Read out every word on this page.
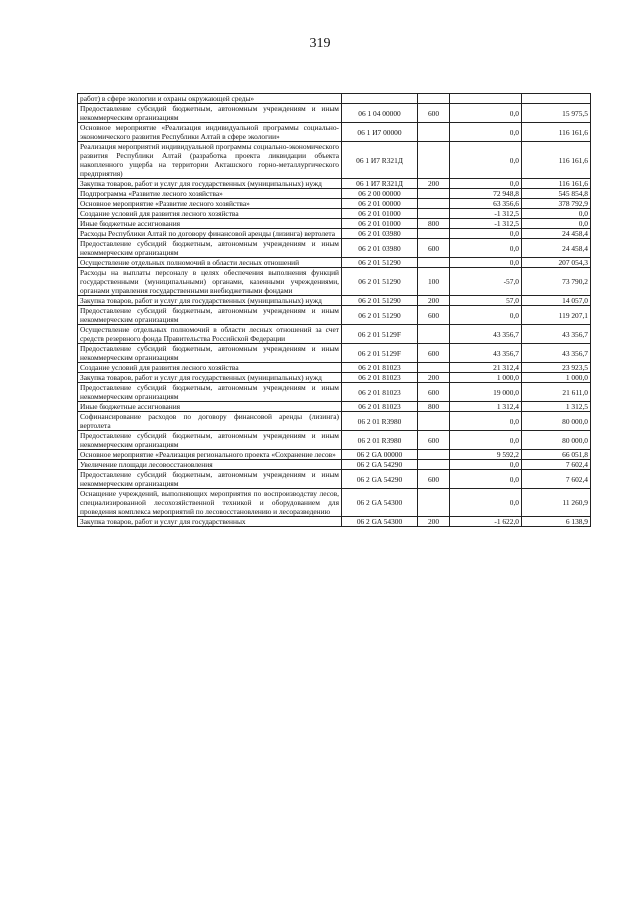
319
работ) в сфере экологии и охраны окружающей среды»				
Предоставление субсидий бюджетным, автономным учреждениям и иным некоммерческим организациям	06 1 04 00000	600	0,0	15 975,5
Основное мероприятие «Реализация индивидуальной программы социально-экономического развития Республики Алтай в сфере экологии»	06 1 И7 00000		0,0	116 161,6
Реализация мероприятий индивидуальной программы социально-экономического развития Республики Алтай (разработка проекта ликвидации объекта накопленного ущерба на территории Акташского горно-металлургического предприятия)	06 1 И7 R321Д		0,0	116 161,6
Закупка товаров, работ и услуг для государственных (муниципальных) нужд	06 1 И7 R321Д	200	0,0	116 161,6
Подпрограмма «Развитие лесного хозяйства»	06 2 00 00000		72 948,8	545 854,8
Основное мероприятие «Развитие лесного хозяйства»	06 2 01 00000		63 356,6	378 792,9
Создание условий для развития лесного хозяйства	06 2 01 01000		-1 312,5	0,0
Иные бюджетные ассигнования	06 2 01 01000	800	-1 312,5	0,0
Расходы Республики Алтай по договору финансовой аренды (лизинга) вертолета	06 2 01 03980		0,0	24 458,4
Предоставление субсидий бюджетным, автономным учреждениям и иным некоммерческим организациям	06 2 01 03980	600	0,0	24 458,4
Осуществление отдельных полномочий в области лесных отношений	06 2 01 51290		0,0	207 054,3
Расходы на выплаты персоналу в целях обеспечения выполнения функций государственными (муниципальными) органами, казенными учреждениями, органами управления государственными внебюджетными фондами	06 2 01 51290	100	-57,0	73 790,2
Закупка товаров, работ и услуг для государственных (муниципальных) нужд	06 2 01 51290	200	57,0	14 057,0
Предоставление субсидий бюджетным, автономным учреждениям и иным некоммерческим организациям	06 2 01 51290	600	0,0	119 207,1
Осуществление отдельных полномочий в области лесных отношений за счет средств резервного фонда Правительства Российской Федерации	06 2 01 5129F		43 356,7	43 356,7
Предоставление субсидий бюджетным, автономным учреждениям и иным некоммерческим организациям	06 2 01 5129F	600	43 356,7	43 356,7
Создание условий для развития лесного хозяйства	06 2 01 81023		21 312,4	23 923,5
Закупка товаров, работ и услуг для государственных (муниципальных) нужд	06 2 01 81023	200	1 000,0	1 000,0
Предоставление субсидий бюджетным, автономным учреждениям и иным некоммерческим организациям	06 2 01 81023	600	19 000,0	21 611,0
Иные бюджетные ассигнования	06 2 01 81023	800	1 312,4	1 312,5
Софинансирование расходов по договору финансовой аренды (лизинга) вертолета	06 2 01 R3980		0,0	80 000,0
Предоставление субсидий бюджетным, автономным учреждениям и иным некоммерческим организациям	06 2 01 R3980	600	0,0	80 000,0
Основное мероприятие «Реализация регионального проекта «Сохранение лесов»	06 2 GA 00000		9 592,2	66 051,8
Увеличение площади лесовосстановления	06 2 GA 54290		0,0	7 602,4
Предоставление субсидий бюджетным, автономным учреждениям и иным некоммерческим организациям	06 2 GA 54290	600	0,0	7 602,4
Оснащение учреждений, выполняющих мероприятия по воспроизводству лесов, специализированной лесохозяйственной техникой и оборудованием для проведения комплекса мероприятий по лесовосстановлению и лесоразведению	06 2 GA 54300		0,0	11 260,9
Закупка товаров, работ и услуг для государственных	06 2 GA 54300	200	-1 622,0	6 138,9
